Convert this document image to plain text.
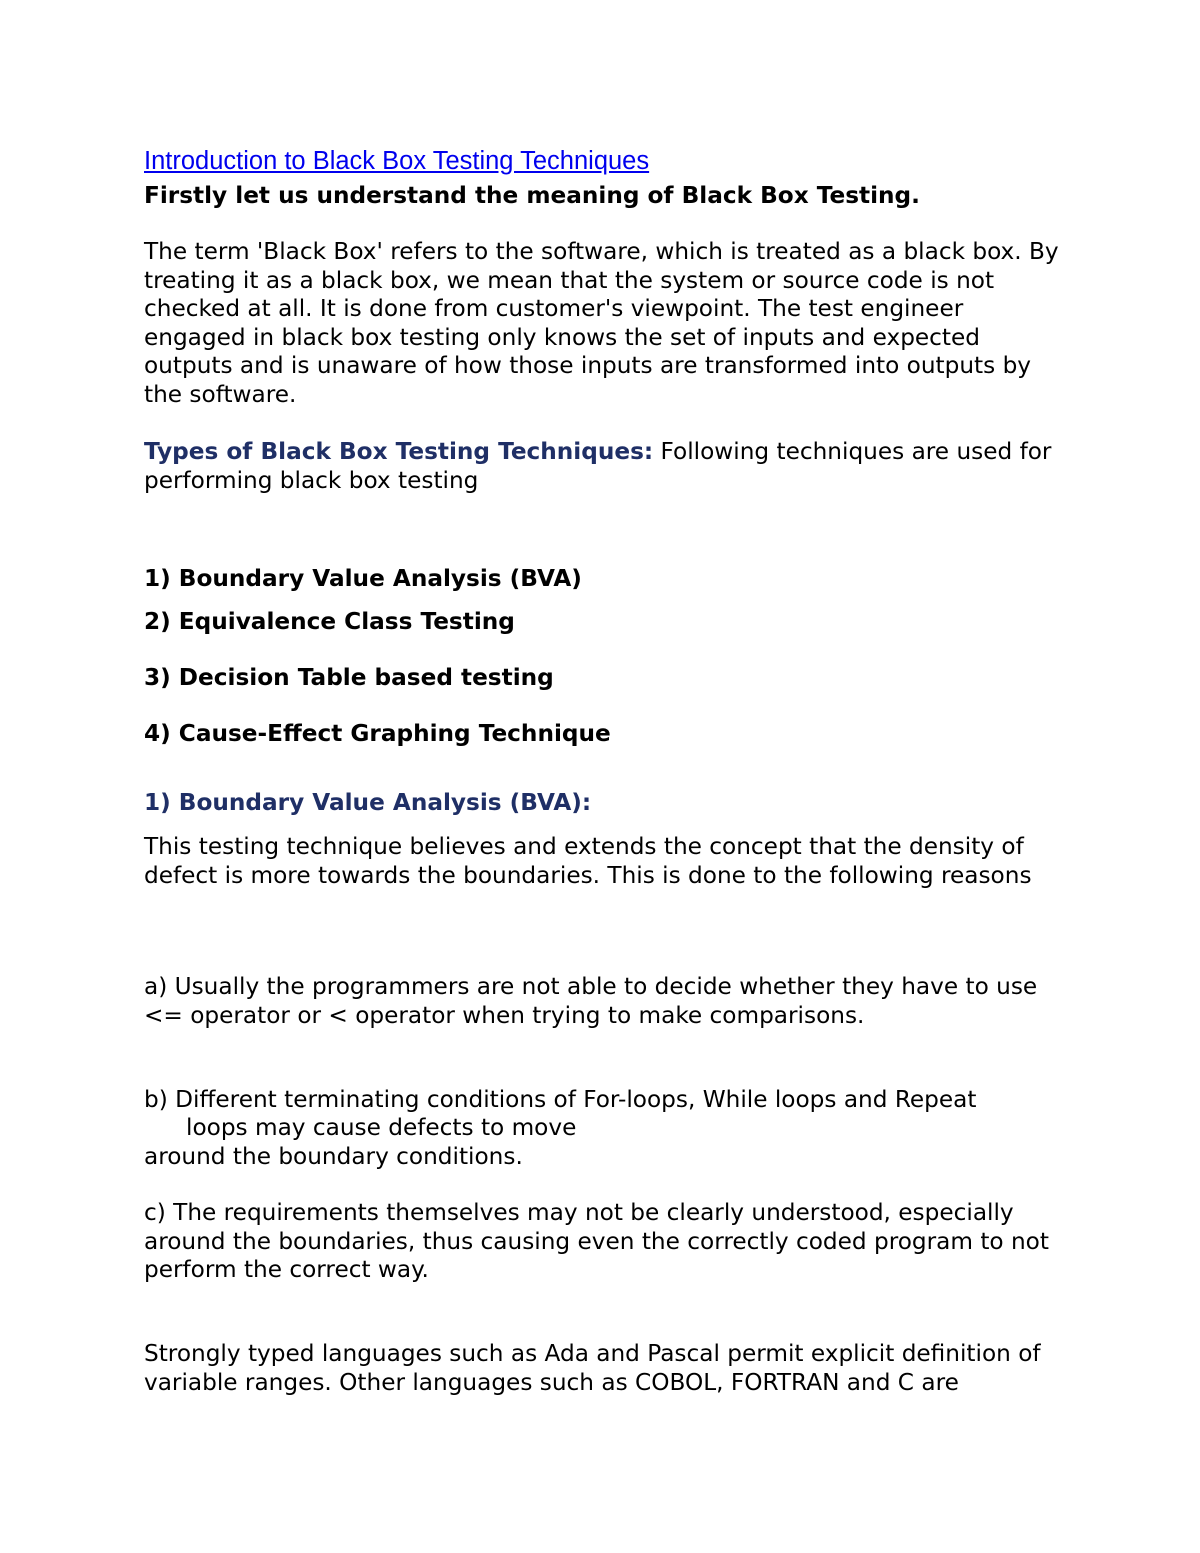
Introduction to Black Box Testing Techniques

Firstly let us understand the meaning of Black Box Testing.

The term 'Black Box' refers to the software, which is treated as a black box. By treating it as a black box, we mean that the system or source code is not checked at all. It is done from customer's viewpoint. The test engineer engaged in black box testing only knows the set of inputs and expected outputs and is unaware of how those inputs are transformed into outputs by the software.

Types of Black Box Testing Techniques: Following techniques are used for performing black box testing

1) Boundary Value Analysis (BVA)

2) Equivalence Class Testing

3) Decision Table based testing

4) Cause-Effect Graphing Technique

1) Boundary Value Analysis (BVA):

This testing technique believes and extends the concept that the density of defect is more towards the boundaries. This is done to the following reasons

a) Usually the programmers are not able to decide whether they have to use <= operator or < operator when trying to make comparisons.

b) Different terminating conditions of For-loops, While loops and Repeat

loops may cause defects to move

around the boundary conditions.

c) The requirements themselves may not be clearly understood, especially around the boundaries, thus causing even the correctly coded program to not perform the correct way.

Strongly typed languages such as Ada and Pascal permit explicit definition of variable ranges. Other languages such as COBOL, FORTRAN and C are
